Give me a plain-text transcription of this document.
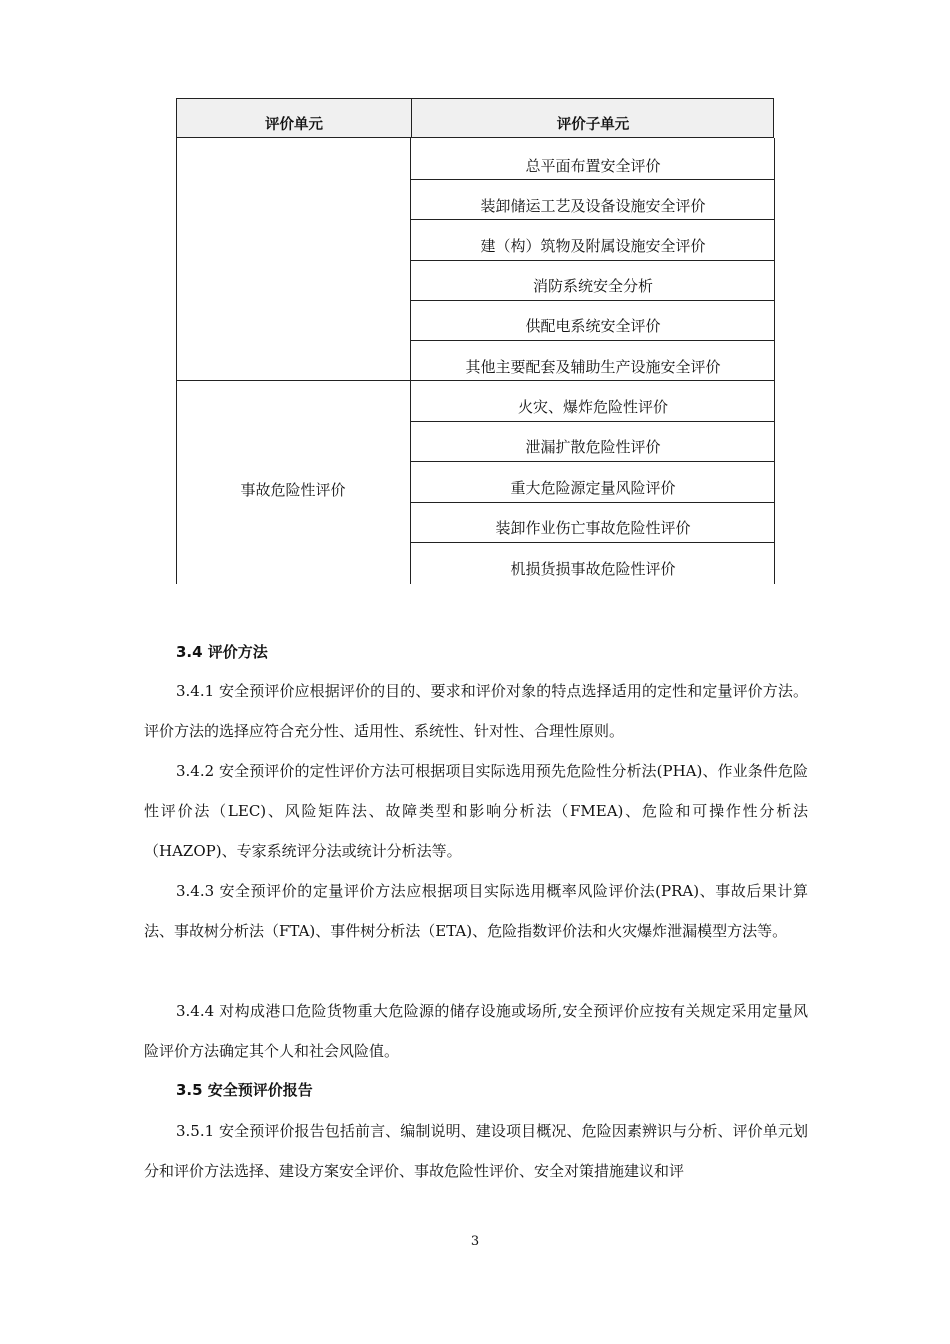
评价单元	评价子单元
总平面布置安全评价
装卸储运工艺及设备设施安全评价
建（构）筑物及附属设施安全评价
消防系统安全分析
供配电系统安全评价
其他主要配套及辅助生产设施安全评价
事故危险性评价
火灾、爆炸危险性评价
泄漏扩散危险性评价
重大危险源定量风险评价
装卸作业伤亡事故危险性评价
机损货损事故危险性评价
3.4 评价方法
3.4.1 安全预评价应根据评价的目的、要求和评价对象的特点选择适用的定性和定量评价方法。评价方法的选择应符合充分性、适用性、系统性、针对性、合理性原则。
3.4.2 安全预评价的定性评价方法可根据项目实际选用预先危险性分析法(PHA)、作业条件危险性评价法（LEC)、风险矩阵法、故障类型和影响分析法（FMEA)、危险和可操作性分析法（HAZOP)、专家系统评分法或统计分析法等。
3.4.3 安全预评价的定量评价方法应根据项目实际选用概率风险评价法(PRA)、事故后果计算法、事故树分析法（FTA)、事件树分析法（ETA)、危险指数评价法和火灾爆炸泄漏模型方法等。
3.4.4 对构成港口危险货物重大危险源的储存设施或场所,安全预评价应按有关规定采用定量风险评价方法确定其个人和社会风险值。
3.5 安全预评价报告
3.5.1 安全预评价报告包括前言、编制说明、建设项目概况、危险因素辨识与分析、评价单元划分和评价方法选择、建设方案安全评价、事故危险性评价、安全对策措施建议和评
3
